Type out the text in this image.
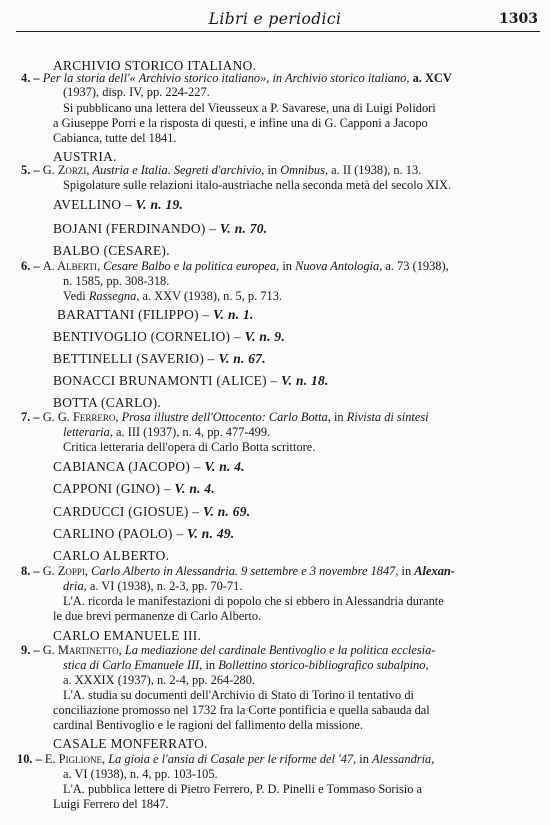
Libri e periodici	1303
ARCHIVIO STORICO ITALIANO.
4. – Per la storia dell'« Archivio storico italiano», in Archivio storico italiano, a. XCV
(1937), disp. IV, pp. 224-227.
Si pubblicano una lettera del Vieusseux a P. Savarese, una di Luigi Polidori
a Giuseppe Porri e la risposta di questi, e infine una di G. Capponi a Jacopo
Cabianca, tutte del 1841.
AUSTRIA.
5. – G. Zorzi, Austria e Italia. Segreti d'archivio, in Omnibus, a. II (1938), n. 13.
Spigolature sulle relazioni italo-austriache nella seconda metà del secolo XIX.
AVELLINO – V. n. 19.
BOJANI (FERDINANDO) – V. n. 70.
BALBO (CESARE).
6. – A. Alberti, Cesare Balbo e la politica europea, in Nuova Antologia, a. 73 (1938),
n. 1585, pp. 308-318.
Vedi Rassegna, a. XXV (1938), n. 5, p. 713.
BARATTANI (FILIPPO) – V. n. 1.
BENTIVOGLIO (CORNELIO) – V. n. 9.
BETTINELLI (SAVERIO) – V. n. 67.
BONACCI BRUNAMONTI (ALICE) – V. n. 18.
BOTTA (CARLO).
7. – G. G. Ferrero, Prosa illustre dell'Ottocento: Carlo Botta, in Rivista di sintesi
letteraria, a. III (1937), n. 4, pp. 477-499.
Critica letteraria dell'opera di Carlo Botta scrittore.
CABIANCA (JACOPO) – V. n. 4.
CAPPONI (GINO) – V. n. 4.
CARDUCCI (GIOSUE) – V. n. 69.
CARLINO (PAOLO) – V. n. 49.
CARLO ALBERTO.
8. – G. Zoppi, Carlo Alberto in Alessandria. 9 settembre e 3 novembre 1847, in Alexan-
dria, a. VI (1938), n. 2-3, pp. 70-71.
L'A. ricorda le manifestazioni di popolo che si ebbero in Alessandria durante
le due brevi permanenze di Carlo Alberto.
CARLO EMANUELE III.
9. – G. Martinetto, La mediazione del cardinale Bentivoglio e la politica ecclesia-
stica di Carlo Emanuele III, in Bollettino storico-bibliografico subalpino,
a. XXXIX (1937), n. 2-4, pp. 264-280.
L'A. studia su documenti dell'Archivio di Stato di Torino il tentativo di
conciliazione promosso nel 1732 fra la Corte pontificia e quella sabauda dal
cardinal Bentivoglio e le ragioni del fallimento della missione.
CASALE MONFERRATO.
10. – E. Piglione, La gioia e l'ansia di Casale per le riforme del '47, in Alessandria,
a. VI (1938), n. 4, pp. 103-105.
L'A. pubblica lettere di Pietro Ferrero, P. D. Pinelli e Tommaso Sorisio a
Luigi Ferrero del 1847.
